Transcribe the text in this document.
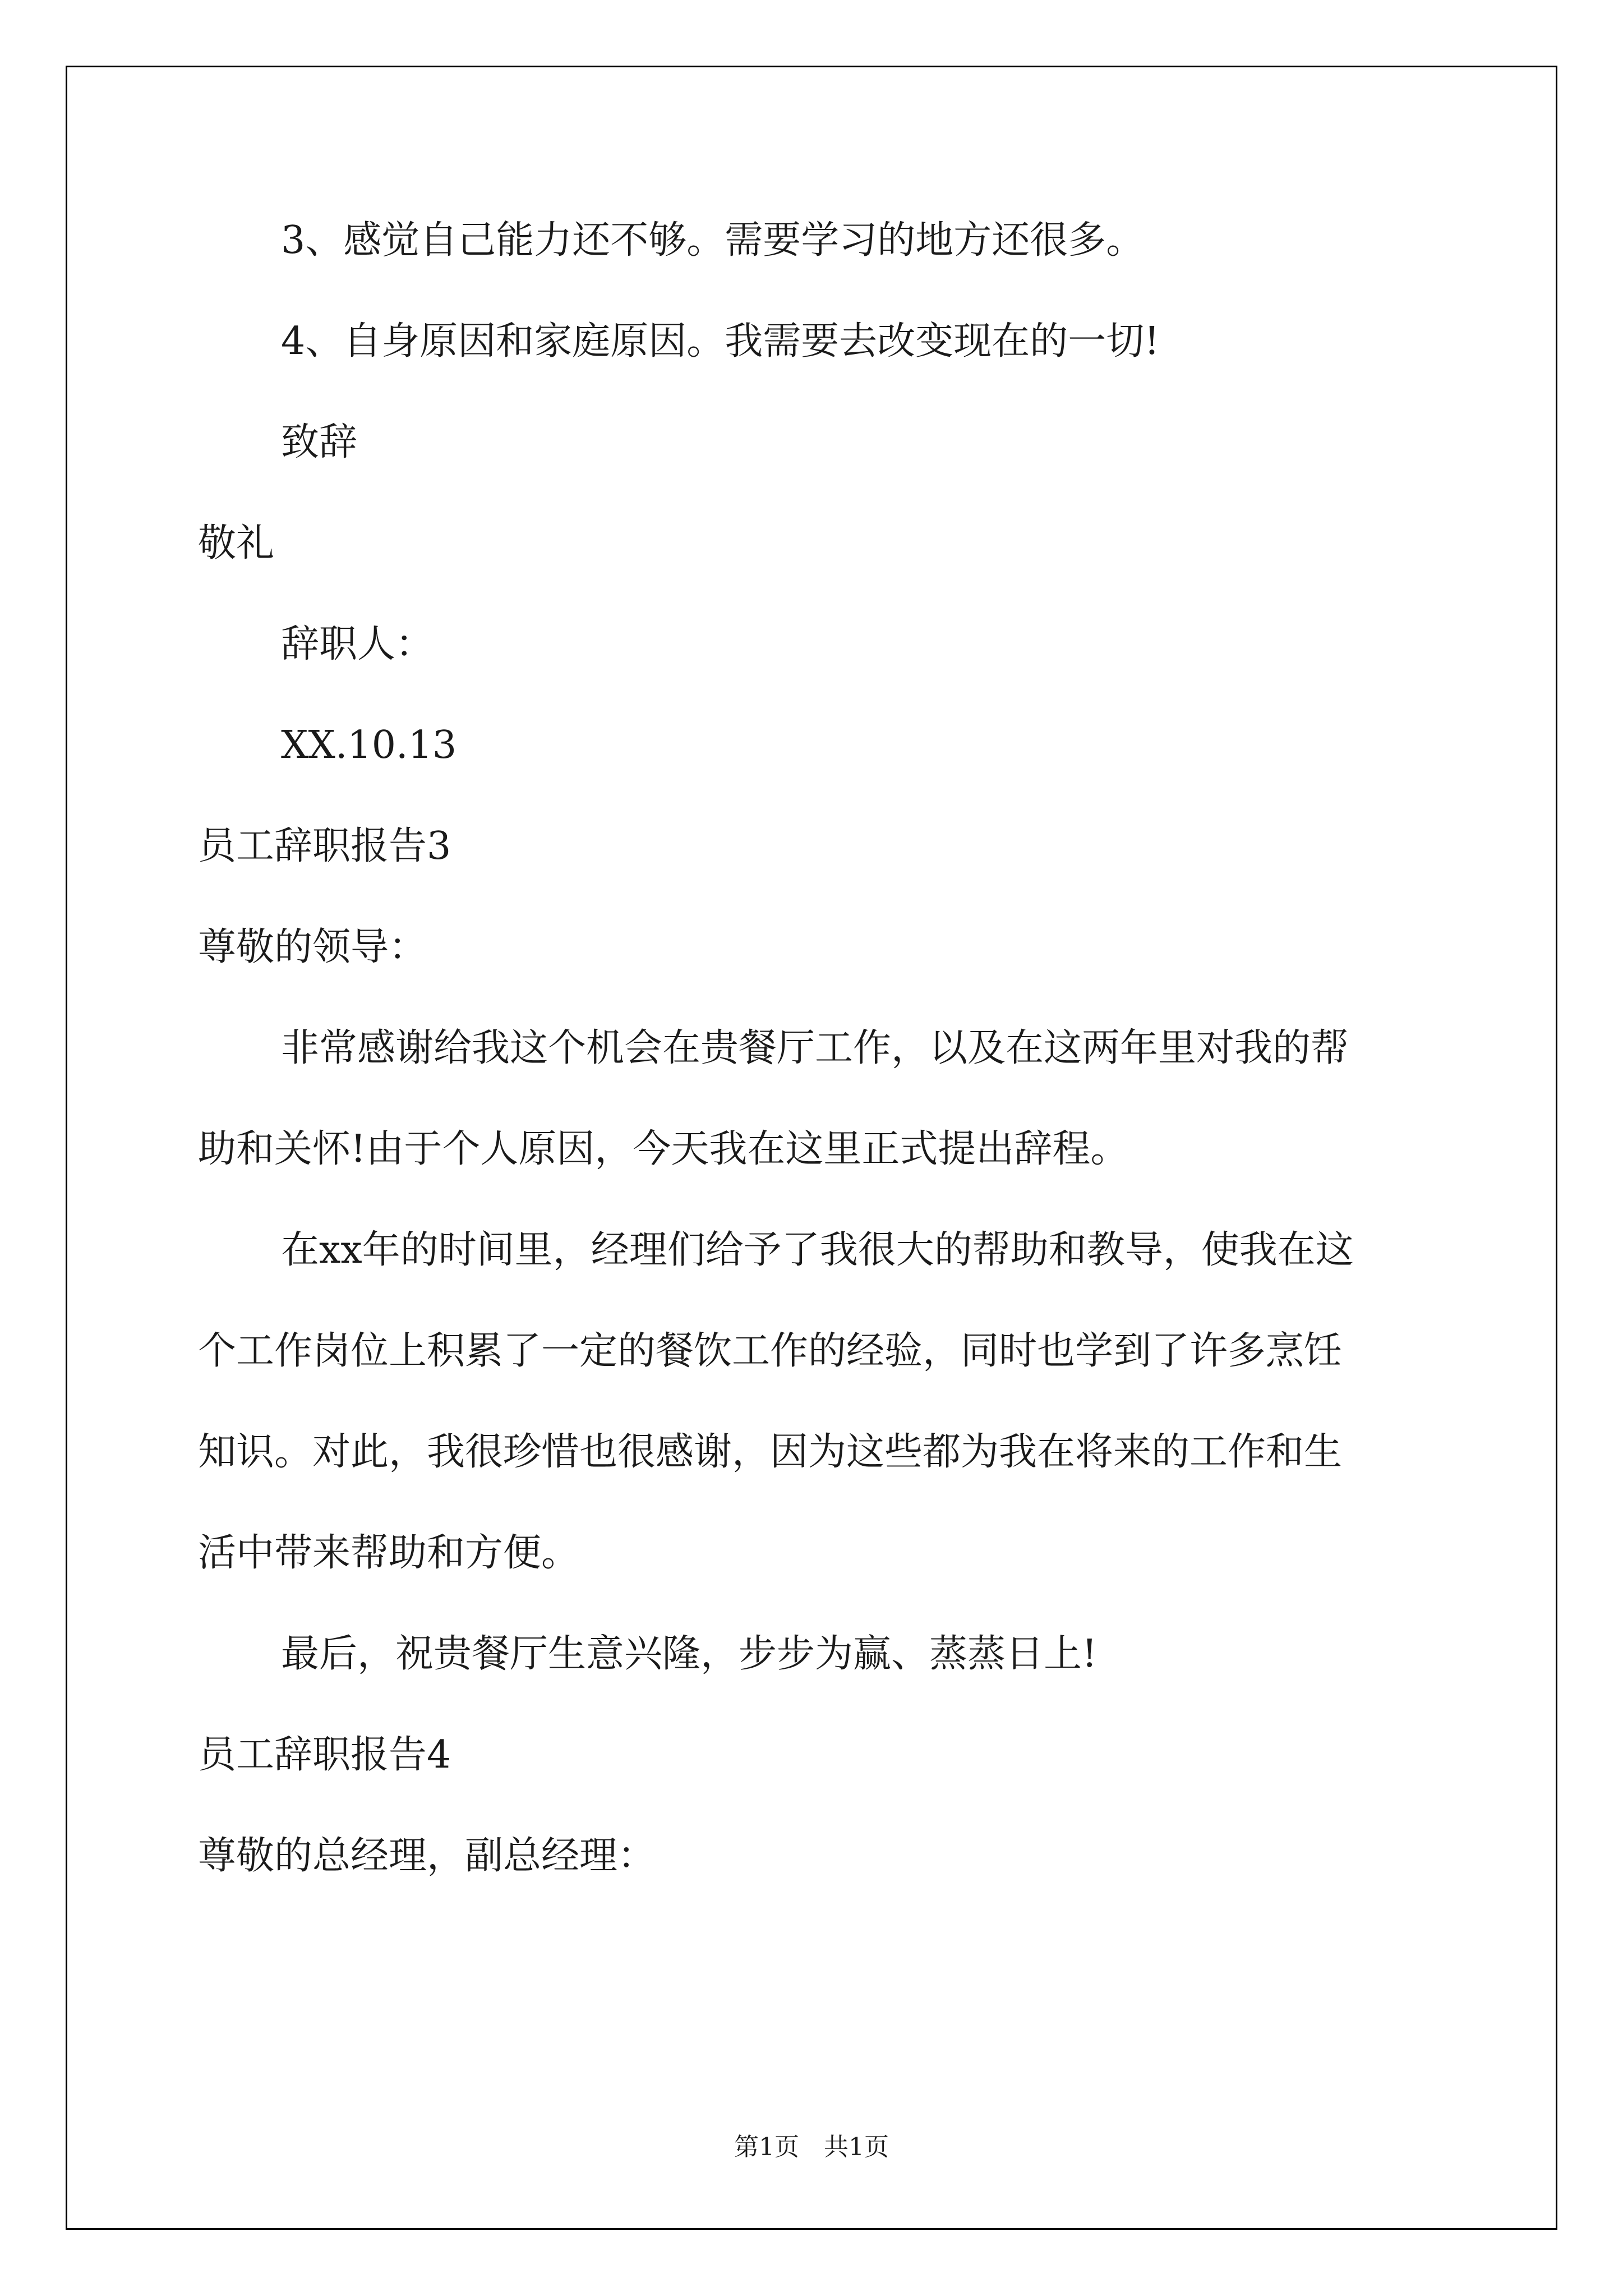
3、感觉自己能力还不够。需要学习的地方还很多。
4、自身原因和家庭原因。我需要去改变现在的一切!
致辞
敬礼
辞职人：
XX.10.13
员工辞职报告3
尊敬的领导：
非常感谢给我这个机会在贵餐厅工作，以及在这两年里对我的帮
助和关怀!由于个人原因，今天我在这里正式提出辞程。
在xx年的时间里，经理们给予了我很大的帮助和教导，使我在这
个工作岗位上积累了一定的餐饮工作的经验，同时也学到了许多烹饪
知识。对此，我很珍惜也很感谢，因为这些都为我在将来的工作和生
活中带来帮助和方便。
最后，祝贵餐厅生意兴隆，步步为赢、蒸蒸日上!
员工辞职报告4
尊敬的总经理，副总经理：
第1页　共1页
